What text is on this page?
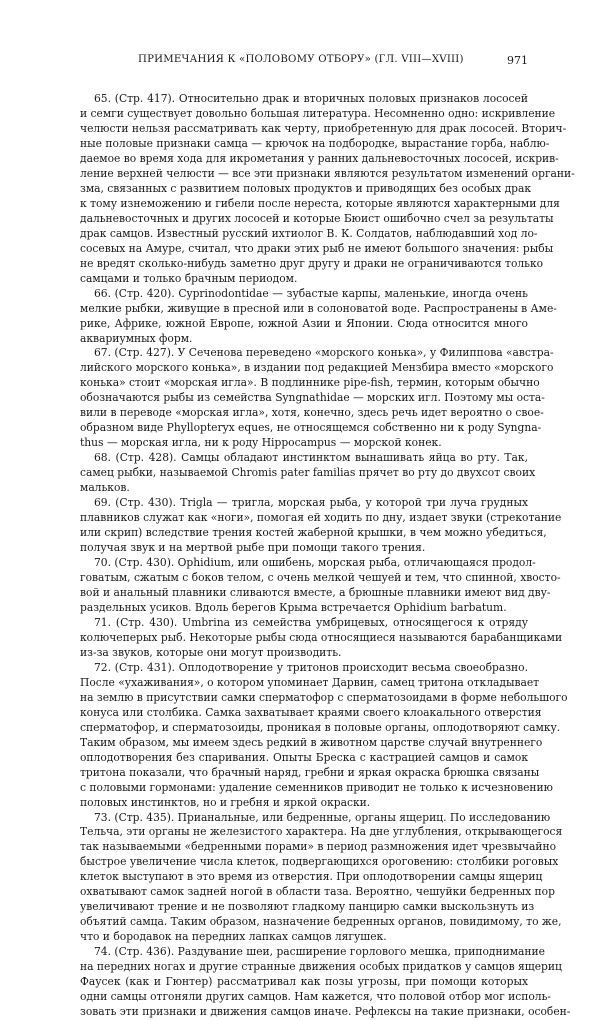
ПРИМЕЧАНИЯ К «ПОЛОВОМУ ОТБОРУ» (ГЛ. VIII—XVIII)	971
65. (Стр. 417). Относительно драк и вторичных половых признаков лососей
и семги существует довольно большая литература. Несомненно одно: искривление
челюсти нельзя рассматривать как черту, приобретенную для драк лососей. Вторич-
ные половые признаки самца — крючок на подбородке, вырастание горба, наблю-
даемое во время хода для икрометания у ранних дальневосточных лососей, искрив-
ление верхней челюсти — все эти признаки являются результатом изменений органи-
зма, связанных с развитием половых продуктов и приводящих без особых драк
к тому изнеможению и гибели после нереста, которые являются характерными для
дальневосточных и других лососей и которые Бюист ошибочно счел за результаты
драк самцов. Известный русский ихтиолог В. К. Солдатов, наблюдавший ход ло-
сосевых на Амуре, считал, что драки этих рыб не имеют большого значения: рыбы
не вредят сколько-нибудь заметно друг другу и драки не ограничиваются только
самцами и только брачным периодом.
66. (Стр. 420). Cyprinodontidae — зубастые карпы, маленькие, иногда очень
мелкие рыбки, живущие в пресной или в солоноватой воде. Распространены в Аме-
рике, Африке, южной Европе, южной Азии и Японии. Сюда относится много
аквариумных форм.
67. (Стр. 427). У Сеченова переведено «морского конька», у Филиппова «австра-
лийского морского конька», в издании под редакцией Мензбира вместо «морского
конька» стоит «морская игла». В подлиннике pipe-fish, термин, которым обычно
обозначаются рыбы из семейства Syngnathidae — морских игл. Поэтому мы оста-
вили в переводе «морская игла», хотя, конечно, здесь речь идет вероятно о свое-
образном виде Phyllopteryx eques, не относящемся собственно ни к роду Syngna-
thus — морская игла, ни к роду Hippocampus — морской конек.
68. (Стр. 428). Самцы обладают инстинктом вынашивать яйца во рту. Так,
самец рыбки, называемой Chromis pater familias прячет во рту до двухсот своих
мальков.
69. (Стр. 430). Trigla — тригла, морская рыба, у которой три луча грудных
плавников служат как «ноги», помогая ей ходить по дну, издает звуки (стрекотание
или скрип) вследствие трения костей жаберной крышки, в чем можно убедиться,
получая звук и на мертвой рыбе при помощи такого трения.
70. (Стр. 430). Ophidium, или ошибень, морская рыба, отличающаяся продол-
говатым, сжатым с боков телом, с очень мелкой чешуей и тем, что спинной, хвосто-
вой и анальный плавники сливаются вместе, а брюшные плавники имеют вид дву-
раздельных усиков. Вдоль берегов Крыма встречается Ophidium barbatum.
71. (Стр. 430). Umbrina из семейства умбрицевых, относящегося к отряду
колючеперых рыб. Некоторые рыбы сюда относящиеся называются барабанщиками
из-за звуков, которые они могут производить.
72. (Стр. 431). Оплодотворение у тритонов происходит весьма своеобразно.
После «ухаживания», о котором упоминает Дарвин, самец тритона откладывает
на землю в присутствии самки сперматофор с сперматозоидами в форме небольшого
конуса или столбика. Самка захватывает краями своего клоакального отверстия
сперматофор, и сперматозоиды, проникая в половые органы, оплодотворяют самку.
Таким образом, мы имеем здесь редкий в животном царстве случай внутреннего
оплодотворения без спаривания. Опыты Бреска с кастрацией самцов и самок
тритона показали, что брачный наряд, гребни и яркая окраска брюшка связаны
с половыми гормонами: удаление семенников приводит не только к исчезновению
половых инстинктов, но и гребня и яркой окраски.
73. (Стр. 435). Прианальные, или бедренные, органы ящериц. По исследованию
Тельча, эти органы не железистого характера. На дне углубления, открывающегося
так называемыми «бедренными порами» в период размножения идет чрезвычайно
быстрое увеличение числа клеток, подвергающихся ороговению: столбики роговых
клеток выступают в это время из отверстия. При оплодотворении самцы ящериц
охватывают самок задней ногой в области таза. Вероятно, чешуйки бедренных пор
увеличивают трение и не позволяют гладкому панцирю самки выскользнуть из
объятий самца. Таким образом, назначение бедренных органов, повидимому, то же,
что и бородавок на передних лапках самцов лягушек.
74. (Стр. 436). Раздувание шеи, расширение горлового мешка, приподнимание
на передних ногах и другие странные движения особых придатков у самцов ящериц
Фаусек (как и Гюнтер) рассматривал как позы угрозы, при помощи которых
одни самцы отгоняли других самцов. Нам кажется, что половой отбор мог исполь-
зовать эти признаки и движения самцов иначе. Рефлексы на такие признаки, особен-
